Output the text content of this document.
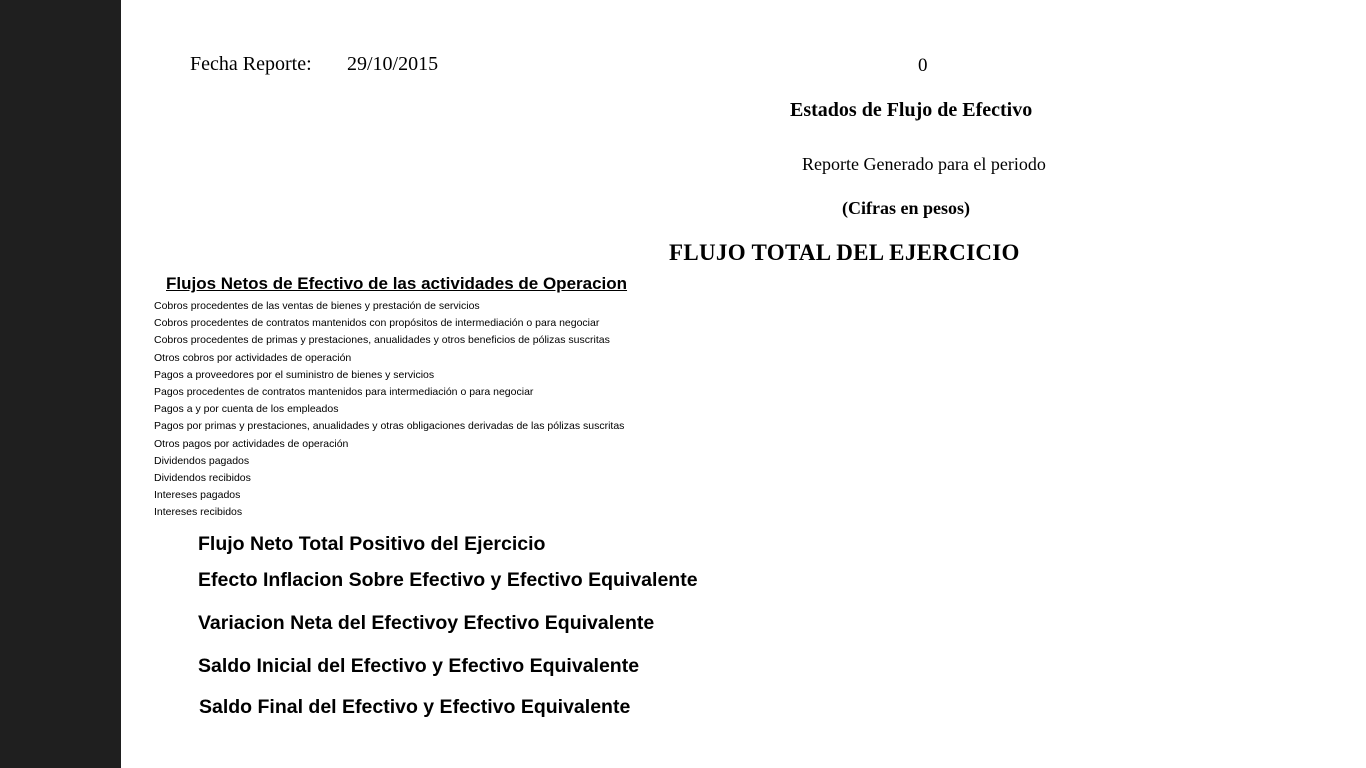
Fecha Reporte: 29/10/2015	0
Estados de Flujo de Efectivo
Reporte Generado para el periodo
(Cifras en pesos)
FLUJO TOTAL DEL EJERCICIO
Flujos Netos de Efectivo de las actividades de Operacion
Cobros procedentes de las ventas de bienes y prestación de servicios
Cobros procedentes de contratos mantenidos con propósitos de intermediación o para negociar
Cobros procedentes de primas y prestaciones, anualidades y otros beneficios de pólizas suscritas
Otros cobros por actividades de operación
Pagos a proveedores por el suministro de bienes y servicios
Pagos procedentes de contratos mantenidos para intermediación o para negociar
Pagos a y por cuenta de los empleados
Pagos por primas y prestaciones, anualidades y otras obligaciones derivadas de las pólizas suscritas
Otros pagos por actividades de operación
Dividendos pagados
Dividendos recibidos
Intereses pagados
Intereses recibidos
Flujo Neto Total Positivo del Ejercicio
Efecto Inflacion Sobre Efectivo y Efectivo Equivalente
Variacion Neta del Efectivoy Efectivo Equivalente
Saldo Inicial del Efectivo y Efectivo Equivalente
Saldo Final del Efectivo y Efectivo Equivalente
